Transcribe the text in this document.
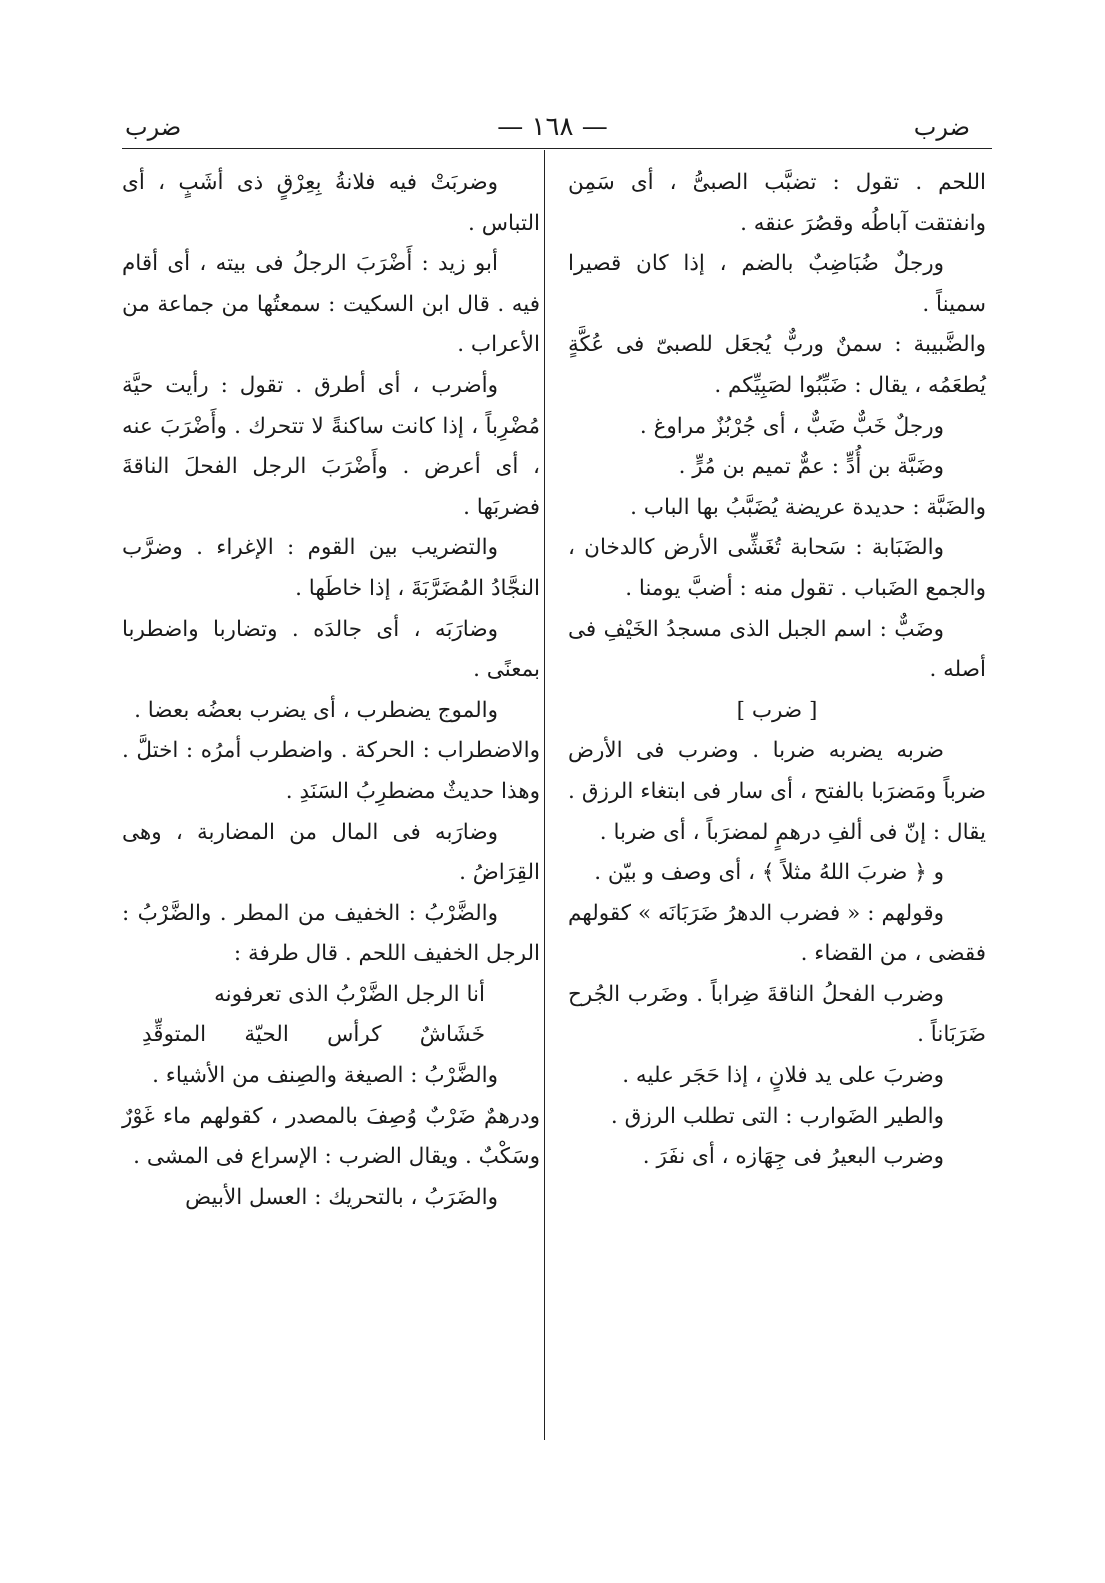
ضرب
— ١٦٨ —
ضرب

اللحم . تقول : تضبَّب الصبىُّ ، أى سَمِن وانفتقت آباطُه وقصُرَ عنقه .

ورجلٌ ضُبَاضِبٌ بالضم ، إذا كان قصيرا سميناً .

والضَّبيبة : سمنٌ وربٌّ يُجعَل للصبىّ فى عُكَّةٍ يُطعَمُه ، يقال : ضَبِّبُوا لصَبِيِّكم .

ورجلٌ خَبٌّ ضَبٌّ ، أى جُرْبُزٌ مراوغ .

وضَبَّة بن أُدٍّ : عمٌّ تميم بن مُرٍّ .

والضَبَّة : حديدة عريضة يُضَبَّبُ بها الباب .

والضَبَابة : سَحابة تُغَشِّى الأرض كالدخان ، والجمع الضَباب . تقول منه : أضبَّ يومنا .

وضَبٌّ : اسم الجبل الذى مسجدُ الخَيْفِ فى أصله .

[ ضرب ]

ضربه يضربه ضربا . وضرب فى الأرض ضرباً ومَضرَبا بالفتح ، أى سار فى ابتغاء الرزق . يقال : إنّ فى ألفِ درهمٍ لمضرَباً ، أى ضربا .

و ﴿ ضربَ اللهُ مثلاً ﴾ ، أى وصف و بيّن .

وقولهم : « فضرب الدهرُ ضَرَبَانَه » كقولهم فقضى ، من القضاء .

وضرب الفحلُ الناقةَ ضِراباً . وضَرب الجُرح ضَرَبَاناً .

وضربَ على يد فلانٍ ، إذا حَجَر عليه .

والطير الضَوارب : التى تطلب الرزق .

وضرب البعيرُ فى جِهَازه ، أى نفَرَ .

وضربَتْ فيه فلانةُ بِعِرْقٍ ذى أشَبٍ ، أى التباس .

أبو زيد : أَضْرَبَ الرجلُ فى بيته ، أى أقام فيه . قال ابن السكيت : سمعتُها من جماعة من الأعراب .

وأضرب ، أى أطرق . تقول : رأيت حيَّة مُضْرِباً ، إذا كانت ساكنةً لا تتحرك . وأَضْرَبَ عنه ، أى أعرض . وأَضْرَبَ الرجل الفحلَ الناقةَ فضربَها .

والتضريب بين القوم : الإغراء . وضرَّب النجَّادُ المُضَرَّبَةَ ، إذا خاطَها .

وضارَبَه ، أى جالدَه . وتضاربا واضطربا بمعنًى .

والموج يضطرب ، أى يضرب بعضُه بعضا .

والاضطراب : الحركة . واضطرب أمرُه : اختلَّ . وهذا حديثٌ مضطرِبُ السَنَدِ .

وضارَبه فى المال من المضاربة ، وهى القِرَاضُ .

والضَّرْبُ : الخفيف من المطر . والضَّرْبُ : الرجل الخفيف اللحم . قال طرفة :

أنا الرجل الضَّرْبُ الذى تعرفونه

خَشَاشٌ كرأس الحيّة المتوقِّدِ

والضَّرْبُ : الصيغة والصِنف من الأشياء .

ودرهمٌ ضَرْبٌ وُصِفَ بالمصدر ، كقولهم ماء غَوْرٌ وسَكْبٌ . ويقال الضرب : الإسراع فى المشى .

والضَرَبُ ، بالتحريك : العسل الأبيض
